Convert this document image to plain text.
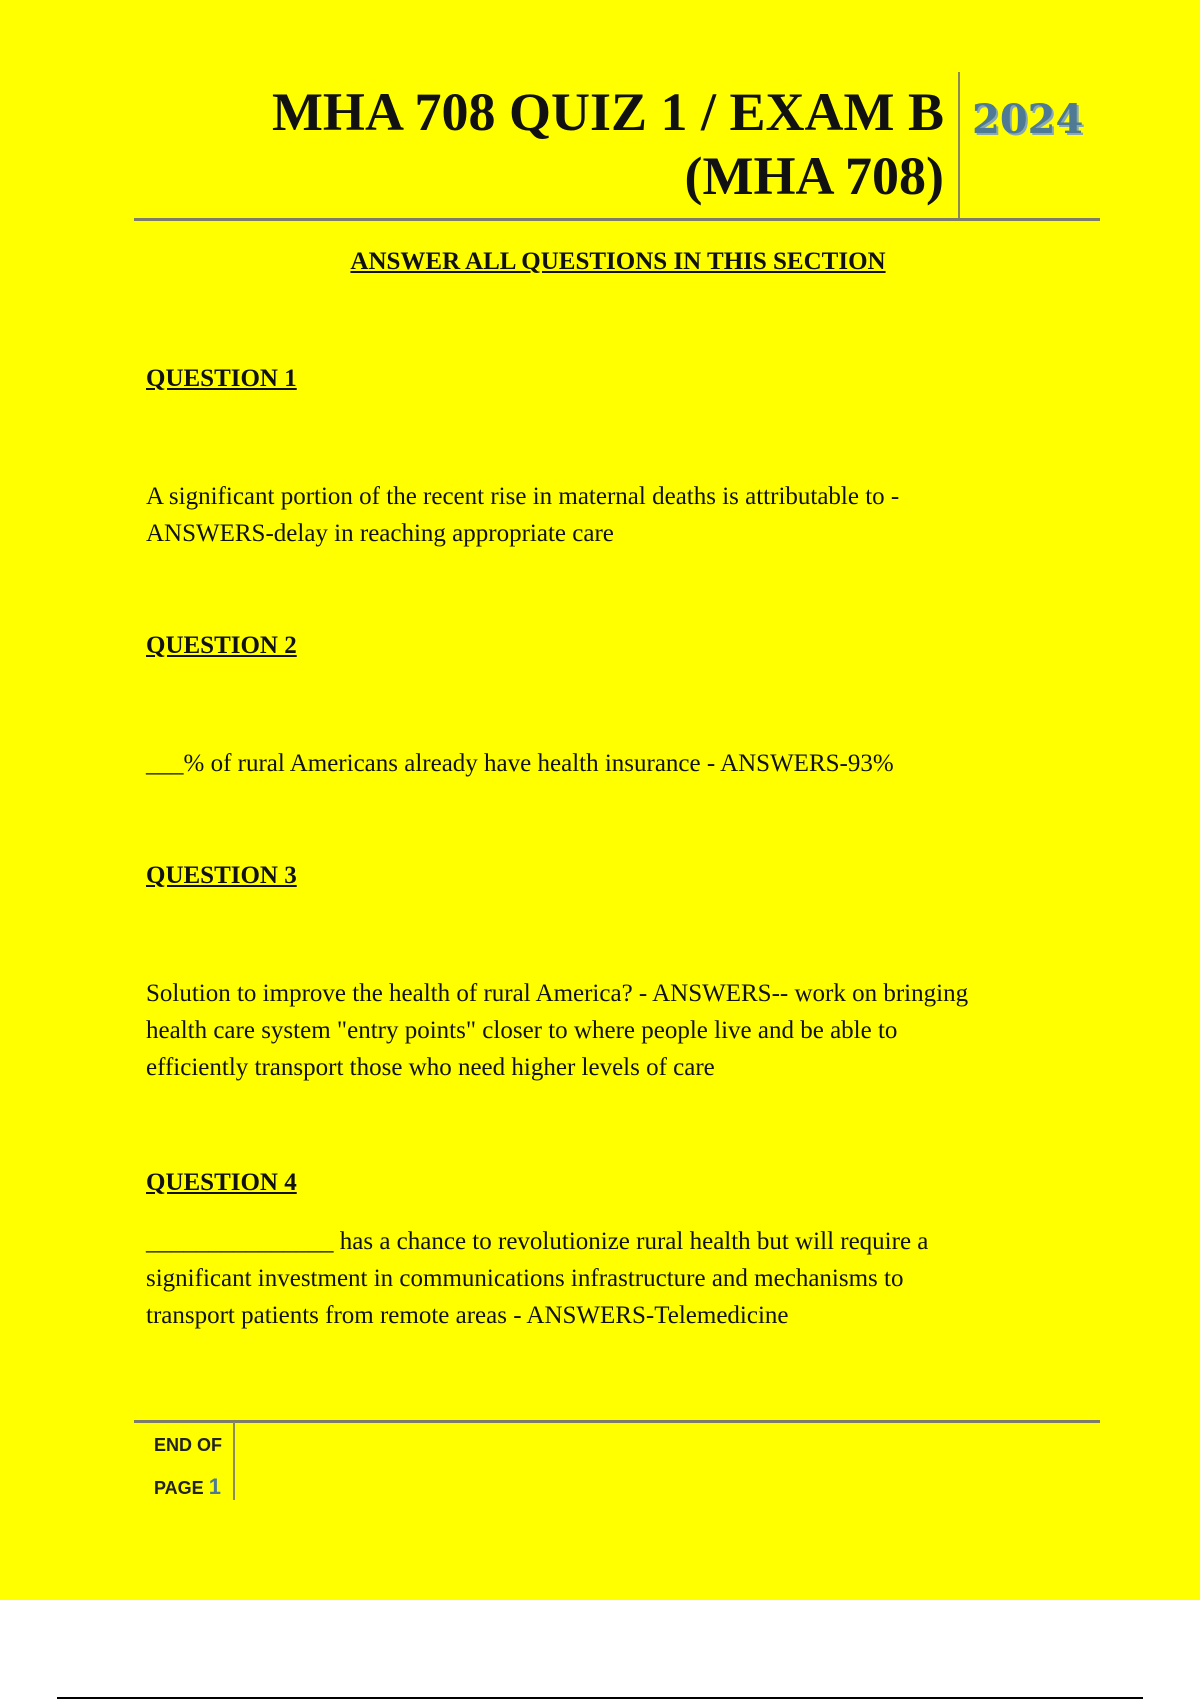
MHA 708 QUIZ 1 / EXAM B
(MHA 708)
2024
ANSWER ALL QUESTIONS IN THIS SECTION
QUESTION 1
A significant portion of the recent rise in maternal deaths is attributable to -
ANSWERS-delay in reaching appropriate care
QUESTION 2
___% of rural Americans already have health insurance - ANSWERS-93%
QUESTION 3
Solution to improve the health of rural America? - ANSWERS-- work on bringing
health care system "entry points" closer to where people live and be able to
efficiently transport those who need higher levels of care
QUESTION 4
_______________ has a chance to revolutionize rural health but will require a
significant investment in communications infrastructure and mechanisms to
transport patients from remote areas - ANSWERS-Telemedicine
END OF
PAGE 1
